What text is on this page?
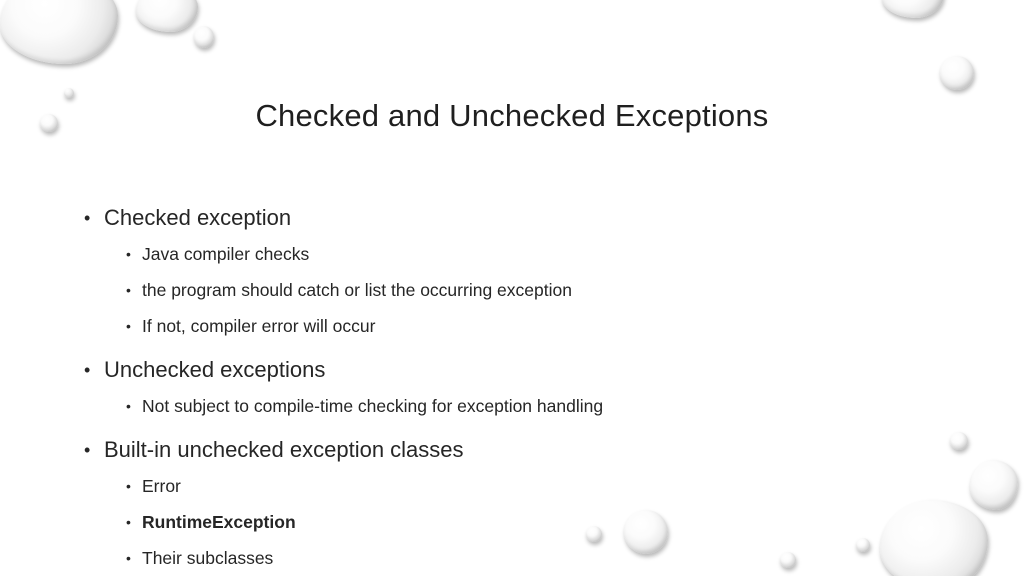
Checked and Unchecked Exceptions
• Checked exception
• Java compiler checks
• the program should catch or list the occurring exception
• If not, compiler error will occur
• Unchecked exceptions
• Not subject to compile-time checking for exception handling
• Built-in unchecked exception classes
• Error
• RuntimeException
• Their subclasses
